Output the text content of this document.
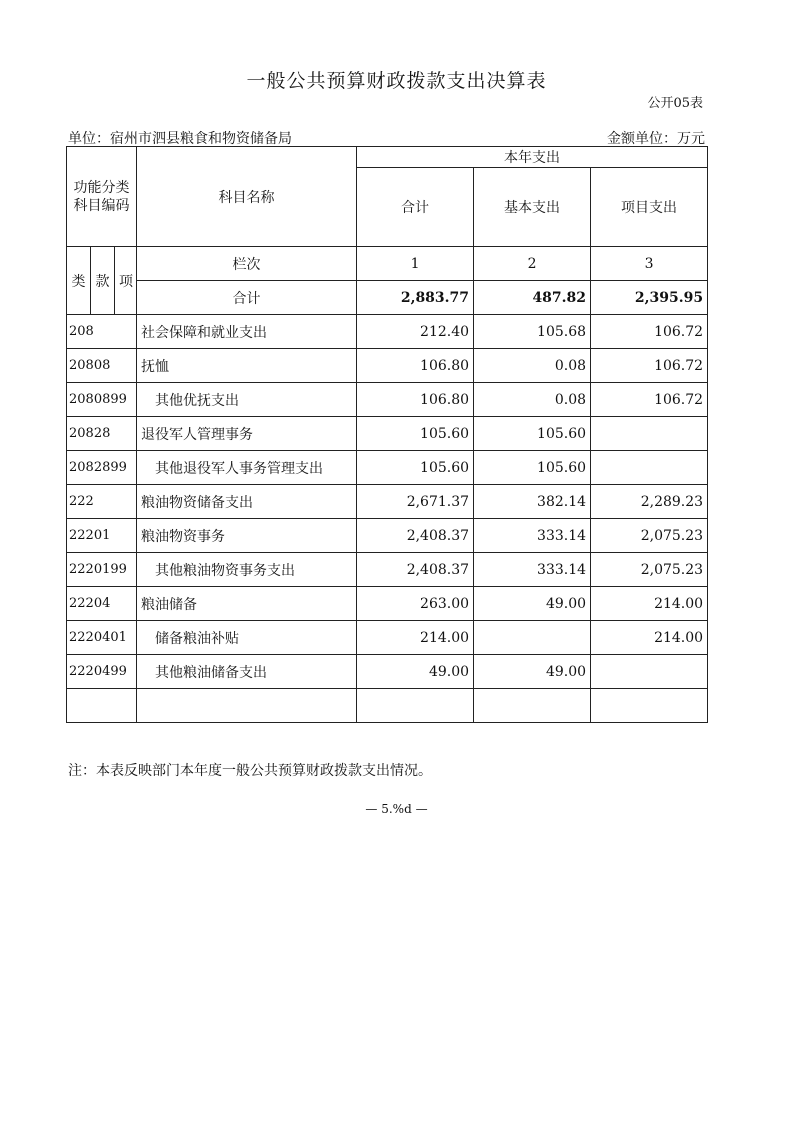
一般公共预算财政拨款支出决算表
公开05表
单位：宿州市泗县粮食和物资储备局	金额单位：万元
功能分类
科目编码			科目名称	本年支出		
				合计	基本支出	项目支出
类	款	项	栏次	1	2	3
			合计	2,883.77	487.82	2,395.95
208			社会保障和就业支出	212.40	105.68	106.72
20808			抚恤	106.80	0.08	106.72
2080899			其他优抚支出	106.80	0.08	106.72
20828			退役军人管理事务	105.60	105.60	
2082899			其他退役军人事务管理支出	105.60	105.60	
222			粮油物资储备支出	2,671.37	382.14	2,289.23
22201			粮油物资事务	2,408.37	333.14	2,075.23
2220199			其他粮油物资事务支出	2,408.37	333.14	2,075.23
22204			粮油储备	263.00	49.00	214.00
2220401			储备粮油补贴	214.00		214.00
2220499			其他粮油储备支出	49.00	49.00	

注：本表反映部门本年度一般公共预算财政拨款支出情况。
— 5.%d —
